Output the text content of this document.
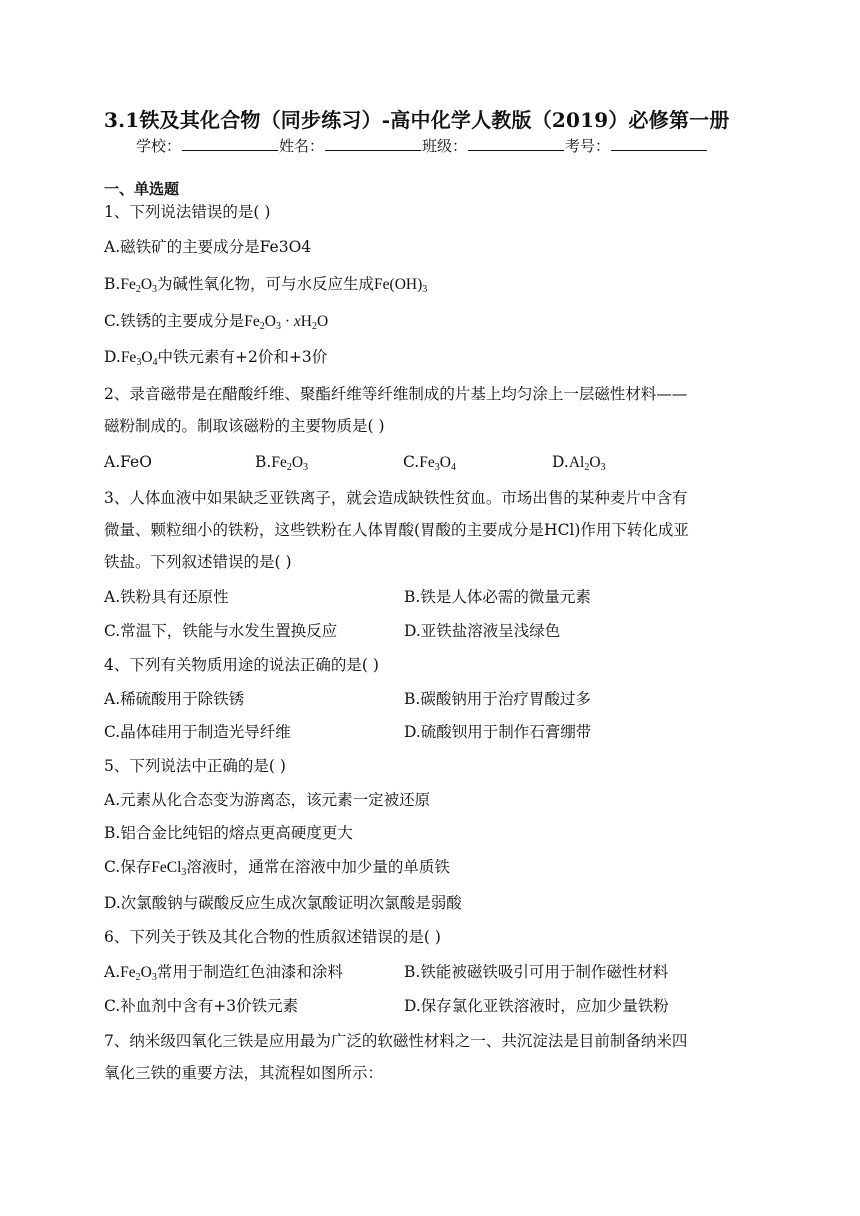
3.1铁及其化合物（同步练习）-高中化学人教版（2019）必修第一册
学校：	姓名：	班级：	考号：
一、单选题
1、下列说法错误的是( )
A.磁铁矿的主要成分是Fe3O4
$B.Fe_2O_3$为碱性氧化物，可与水反应生成$Fe(OH)_3$
C.铁锈的主要成分是$Fe_2O_3 \cdot xH_2O$
$D.Fe_3O_4$中铁元素有+2价和+3价
2、录音磁带是在醋酸纤维、聚酯纤维等纤维制成的片基上均匀涂上一层磁性材料——
磁粉制成的。制取该磁粉的主要物质是( )
A.FeO	$B.Fe_2O_3$	$C.Fe_3O_4$	$D.Al_2O_3$
3、人体血液中如果缺乏亚铁离子，就会造成缺铁性贫血。市场出售的某种麦片中含有
微量、颗粒细小的铁粉，这些铁粉在人体胃酸(胃酸的主要成分是HCl)作用下转化成亚
铁盐。下列叙述错误的是( )
A.铁粉具有还原性	B.铁是人体必需的微量元素
C.常温下，铁能与水发生置换反应	D.亚铁盐溶液呈浅绿色
4、下列有关物质用途的说法正确的是( )
A.稀硫酸用于除铁锈	B.碳酸钠用于治疗胃酸过多
C.晶体硅用于制造光导纤维	D.硫酸钡用于制作石膏绷带
5、下列说法中正确的是( )
A.元素从化合态变为游离态，该元素一定被还原
B.铝合金比纯铝的熔点更高硬度更大
C.保存FeCl$_3$溶液时，通常在溶液中加少量的单质铁
D.次氯酸钠与碳酸反应生成次氯酸证明次氯酸是弱酸
6、下列关于铁及其化合物的性质叙述错误的是( )
$A.Fe_2O_3$常用于制造红色油漆和涂料	B.铁能被磁铁吸引可用于制作磁性材料
C.补血剂中含有+3价铁元素	D.保存氯化亚铁溶液时，应加少量铁粉
7、纳米级四氧化三铁是应用最为广泛的软磁性材料之一、共沉淀法是目前制备纳米四
氧化三铁的重要方法，其流程如图所示：
